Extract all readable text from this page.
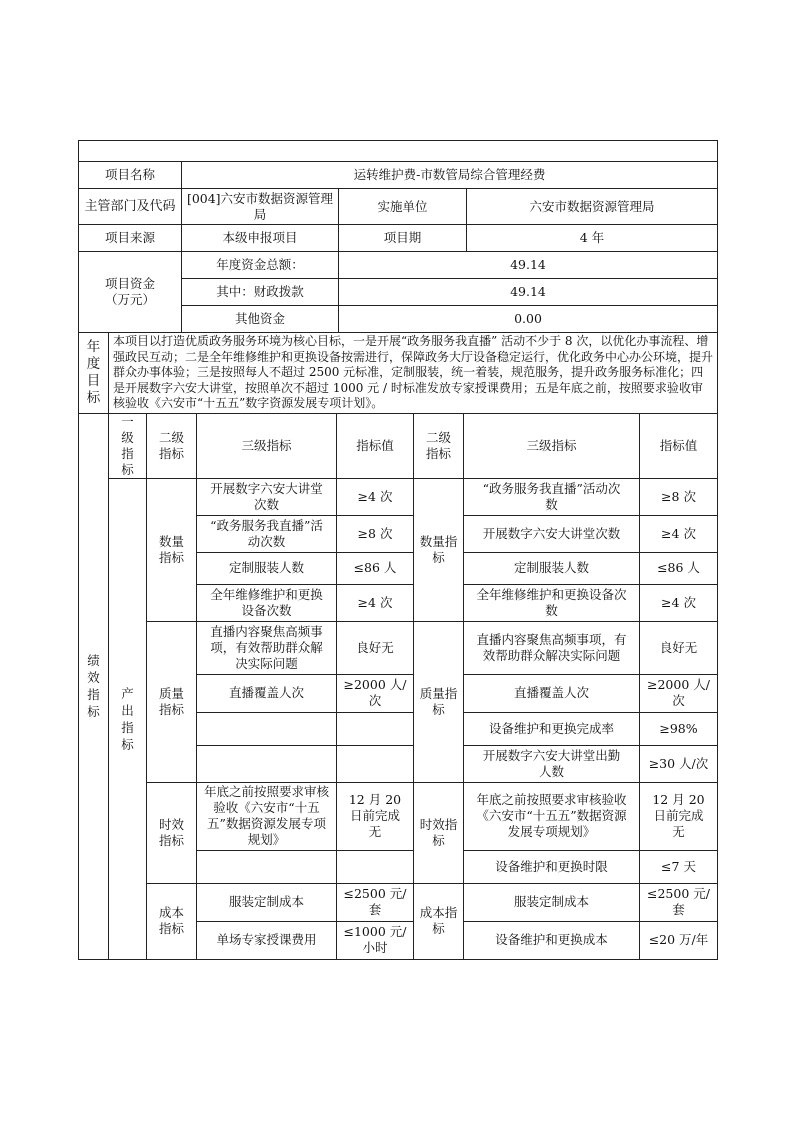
项目名称	运转维护费-市数管局综合管理经费		
主管部门及代码	[004]六安市数据资源管理局	实施单位	六安市数据资源管理局
项目来源	本级申报项目	项目期	4 年
项目资金（万元）	年度资金总额：	49.14
	其中：财政拨款	49.14
	其他资金	0.00
年度目标	本项目以打造优质政务服务环境为核心目标，一是开展“政务服务我直播” 活动不少于 8 次，以优化办事流程、增强政民互动；二是全年维修维护和更换设备按需进行，保障政务大厅设备稳定运行，优化政务中心办公环境，提升群众办事体验；三是按照每人不超过 2500 元标准，定制服装，统一着装，规范服务，提升政务服务标准化；四是开展数字六安大讲堂，按照单次不超过 1000 元 / 时标准发放专家授课费用；五是年底之前，按照要求验收审核验收《六安市“十五五”数字资源发展专项计划》。
绩效指标	一级指标	二级指标	三级指标	指标值	二级指标	三级指标	指标值
	产出指标	数量指标	开展数字六安大讲堂次数	≥4 次	数量指标	“政务服务我直播”活动次数	≥8 次
			“政务服务我直播”活动次数	≥8 次		开展数字六安大讲堂次数	≥4 次
			定制服装人数	≤86 人		定制服装人数	≤86 人
			全年维修维护和更换设备次数	≥4 次		全年维修维护和更换设备次数	≥4 次
		质量指标	直播内容聚焦高频事项，有效帮助群众解决实际问题	良好无	质量指标	直播内容聚焦高频事项，有效帮助群众解决实际问题	良好无
			直播覆盖人次	≥2000 人/次		直播覆盖人次	≥2000 人/次
						设备维护和更换完成率	≥98%
						开展数字六安大讲堂出勤人数	≥30 人/次
		时效指标	年底之前按照要求审核验收《六安市“十五五”数据资源发展专项规划》	12 月 20 日前完成无	时效指标	年底之前按照要求审核验收《六安市“十五五”数据资源发展专项规划》	12 月 20 日前完成无
						设备维护和更换时限	≤7 天
		成本指标	服装定制成本	≤2500 元/套	成本指标	服装定制成本	≤2500 元/套
			单场专家授课费用	≤1000 元/小时		设备维护和更换成本	≤20 万/年
